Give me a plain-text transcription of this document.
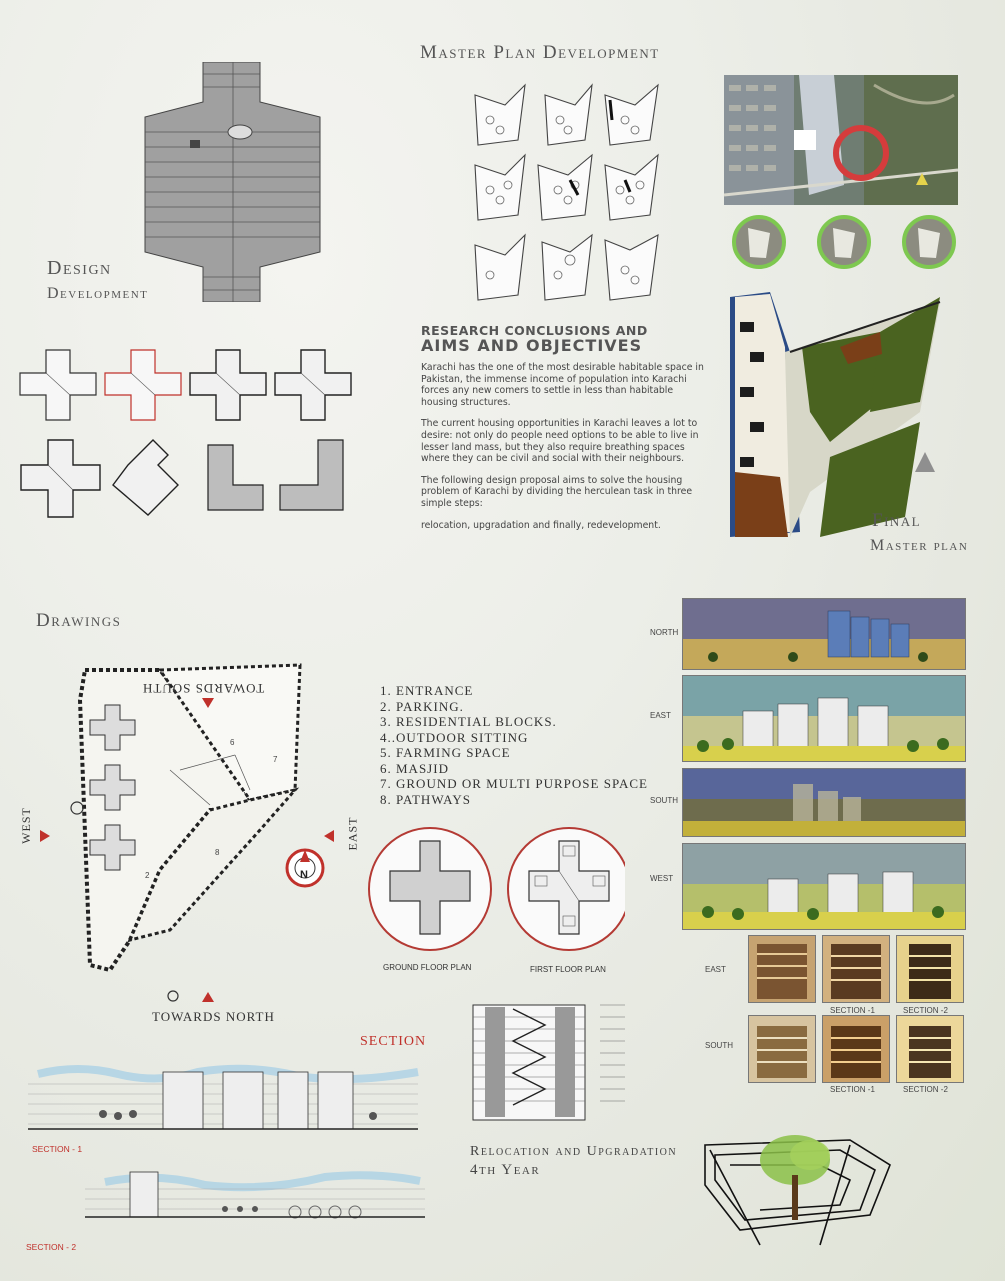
Design
Development
Master Plan Development
RESEARCH CONCLUSIONS AND
AIMS AND OBJECTIVES

Karachi has the one of the most desirable habitable space in Pakistan, the immense income of population into Karachi forces any new comers to settle in less than habitable housing structures.

The current housing opportunities in Karachi leaves a lot to desire: not only do people need options to be able to live in lesser land mass, but they also require breathing spaces where they can be civil and social with their neighbours.

The following design proposal aims to solve the housing problem of Karachi by dividing the herculean task in three simple steps:

relocation, upgradation and finally, redevelopment.	Final
Master plan
Drawings
6
7
8
2
TOWARDS SOUTH
TOWARDS NORTH
WEST	EAST
N
1. ENTRANCE
2. PARKING.
3. RESIDENTIAL BLOCKS.
4..OUTDOOR SITTING
5. FARMING SPACE
6. MASJID
7. GROUND OR MULTI PURPOSE SPACE
8. PATHWAYS
GROUND FLOOR PLAN	FIRST FLOOR PLAN
NORTH
EAST
SOUTH
WEST
EAST
SOUTH
SECTION -1	SECTION -2
SECTION -1	SECTION -2
SECTION
SECTION - 1
SECTION - 2
Relocation and Upgradation
4th Year
